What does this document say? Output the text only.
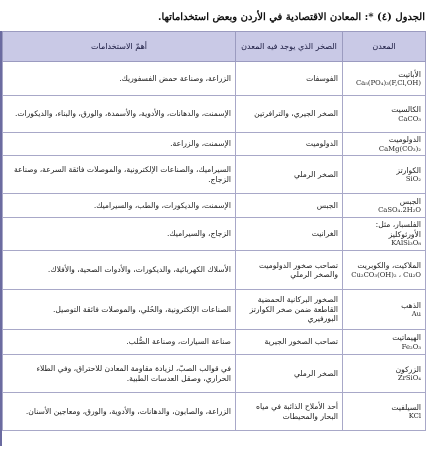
الجدول (٤) *: المعادن الاقتصادية في الأردن وبعض استخداماتها.
المعدن	الصخر الذي يوجد فيه المعدن	أهمّ الاستخدامات

الأباتيت
Ca₅(PO₄)₃(F,Cl,OH)	الفوسفات	الزراعة، وصناعة حمض الفسفوريك.

الكالسيت
CaCO₃	الصخر الجيري، والترافرتين	الإسمنت، والدهانات، والأدوية، والأسمدة، والورق، والبناء، والديكورات.

الدولوميت
CaMg(CO₃)₂	الدولوميت	الإسمنت، والزراعة.

الكوارتز
SiO₂	الصخر الرملي	السيراميك، والصناعات الإلكترونية، والموصلات فائقة السرعة، وصناعة الزجاج.

الجبس
CaSO₄.2H₂O	الجبس	الإسمنت، والديكورات، والطب، والسيراميك.

الفلسبار، مثل: الأورثوكليز
KAlSi₃O₈	الغرانيت	الزجاج، والسيراميك.

الملاكيت، والكوبريت
Cu₂CO₃(OH)₂ ، Cu₂O	تصاحب صخور الدولوميت والصخر الرملي	الأسلاك الكهربائية، والديكورات، والأدوات الصحية، والأفلاك.

الذهب
Au	الصخور البركانية الحمضية القاطعة ضمن صخر الكوارتز البورفيري	الصناعات الإلكترونية، والحُلي، والموصلات فائقة التوصيل.

الهيماتيت
Fe₂O₃	تصاحب الصخور الجيرية	صناعة السيارات، وصناعة الصُّلب.

الزركون
ZrSiO₄	الصخر الرملي	في قوالب الصبّ، لزيادة مقاومة المعادن للاحتراق، وفي الطلاء الحراري، وصقل العدسات الطبية.

السيلفيت
KCl	أحد الأملاح الذائبة في مياه البحار والمحيطات	الزراعة، والصابون، والدهانات، والأدوية، والورق، ومعاجين الأسنان.
